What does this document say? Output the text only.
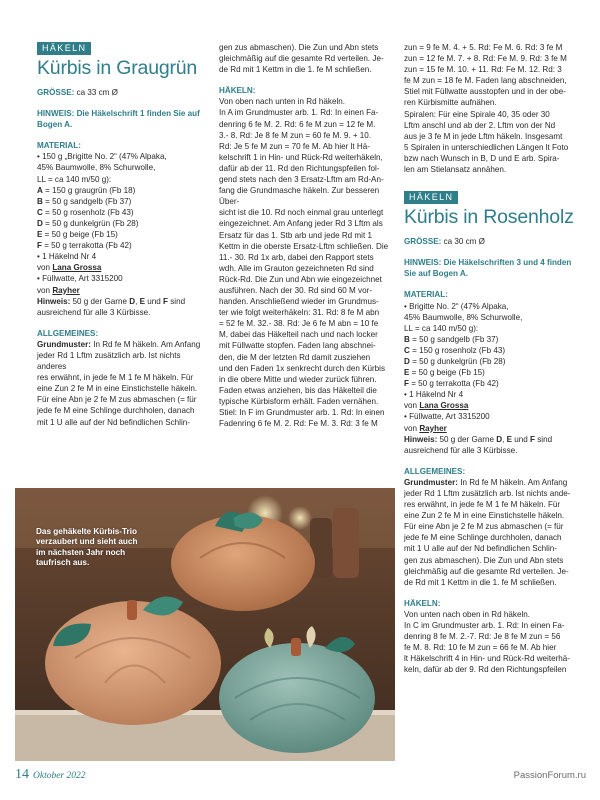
HÄKELN
Kürbis in Graugrün

GRÖSSE: ca 33 cm Ø

HINWEIS: Die Häkelschrift 1 finden Sie auf Bogen A.

MATERIAL:

• 150 g „Brigitte No. 2“ (47% Alpaka,

45% Baumwolle, 8% Schurwolle,

LL = ca 140 m/50 g):

A = 150 g graugrün (Fb 18)

B = 50 g sandgelb (Fb 37)

C = 50 g rosenholz (Fb 43)

D = 50 g dunkelgrün (Fb 28)

E = 50 g beige (Fb 15)

F = 50 g terrakotta (Fb 42)

• 1 Häkelnd Nr 4

von Lana Grossa

• Füllwatte, Art 3315200

von Rayher

Hinweis: 50 g der Garne D, E und F sind

ausreichend für alle 3 Kürbisse.

ALLGEMEINES:

Grundmuster: In Rd fe M häkeln. Am Anfang

jeder Rd 1 Lftm zusätzlich arb. Ist nichts anderes

res erwähnt, in jede fe M 1 fe M häkeln. Für

eine Zun 2 fe M in eine Einstichstelle häkeln.

Für eine Abn je 2 fe M zus abmaschen (= für

jede fe M eine Schlinge durchholen, danach

mit 1 U alle auf der Nd befindlichen Schlin-

gen zus abmaschen). Die Zun und Abn stets

gleichmäßig auf die gesamte Rd verteilen. Je-

de Rd mit 1 Kettm in die 1. fe M schließen.

HÄKELN:

Von oben nach unten in Rd häkeln.

In A im Grundmuster arb. 1. Rd: In einen Fa-

denring 6 fe M. 2. Rd: 6 fe M zun = 12 fe M.

3.- 8. Rd: Je 8 fe M zun = 60 fe M. 9. + 10.

Rd: Je 5 fe M zun = 70 fe M. Ab hier lt Hä-

kelschrift 1 in Hin- und Rück-Rd weiterhäkeln,

dafür ab der 11. Rd den Richtungspfeilen fol-

gend stets nach den 3 Ersatz-Lftm am Rd-An-

fang die Grundmasche häkeln. Zur besseren Über-

sicht ist die 10. Rd noch einmal grau unterlegt

eingezeichnet. Am Anfang jeder Rd 3 Lftm als

Ersatz für das 1. Stb arb und jede Rd mit 1

Kettm in die oberste Ersatz-Lftm schließen. Die

11.- 30. Rd 1x arb, dabei den Rapport stets

wdh. Alle im Grauton gezeichneten Rd sind

Rück-Rd. Die Zun und Abn wie eingezeichnet

ausführen. Nach der 30. Rd sind 60 M vor-

handen. Anschließend wieder im Grundmus-

ter wie folgt weiterhäkeln: 31. Rd: 8 fe M abn

= 52 fe M. 32.- 38. Rd: Je 6 fe M abn = 10 fe

M, dabei das Häkelteil nach und nach locker

mit Füllwatte stopfen. Faden lang abschnei-

den, die M der letzten Rd damit zusziehen

und den Faden 1x senkrecht durch den Kürbis

in die obere Mitte und wieder zurück führen.

Faden etwas anziehen, bis das Häkelteil die

typische Kürbisform erhält. Faden vernähen.

Stiel: In F im Grundmuster arb. 1. Rd: In einen

Fadenring 6 fe M. 2. Rd: Fe M. 3. Rd: 3 fe M

zun = 9 fe M. 4. + 5. Rd: Fe M. 6. Rd: 3 fe M

zun = 12 fe M. 7. + 8. Rd: Fe M. 9. Rd: 3 fe M

zun = 15 fe M. 10. + 11. Rd: Fe M. 12. Rd: 3

fe M zun = 18 fe M. Faden lang abschneiden,

Stiel mit Füllwatte ausstopfen und in der obe-

ren Kürbismitte aufnähen.

Spiralen: Für eine Spirale 40, 35 oder 30

Lftm anschl und ab der 2. Lftm von der Nd

aus je 3 fe M in jede Lftm häkeln. Insgesamt

5 Spiralen in unterschiedlichen Längen lt Foto

bzw nach Wunsch in B, D und E arb. Spira-

len am Stielansatz annähen.

HÄKELN
Kürbis in Rosenholz

GRÖSSE: ca 30 cm Ø

HINWEIS: Die Häkelschriften 3 und 4 finden

Sie auf Bogen A.

MATERIAL:

• Brigitte No. 2“ (47% Alpaka,

45% Baumwolle, 8% Schurwolle,

LL = ca 140 m/50 g):

B = 50 g sandgelb (Fb 37)

C = 150 g rosenholz (Fb 43)

D = 50 g dunkelgrün (Fb 28)

E = 50 g beige (Fb 15)

F = 50 g terrakotta (Fb 42)

• 1 Häkelnd Nr 4

von Lana Grossa

• Füllwatte, Art 3315200

von Rayher

Hinweis: 50 g der Garne D, E und F sind

ausreichend für alle 3 Kürbisse.

ALLGEMEINES:

Grundmuster: In Rd fe M häkeln. Am Anfang

jeder Rd 1 Lftm zusätzlich arb. Ist nichts ande-

res erwähnt, in jede fe M 1 fe M häkeln. Für

eine Zun 2 fe M in eine Einstichstelle häkeln.

Für eine Abn je 2 fe M zus abmaschen (= für

jede fe M eine Schlinge durchholen, danach

mit 1 U alle auf der Nd befindlichen Schlin-

gen zus abmaschen). Die Zun und Abn stets

gleichmäßig auf die gesamte Rd verteilen. Je-

de Rd mit 1 Kettm in die 1. fe M schließen.

HÄKELN:

Von unten nach oben in Rd häkeln.

In C im Grundmuster arb. 1. Rd: In einen Fa-

denring 8 fe M. 2.-7. Rd: Je 8 fe M zun = 56

fe M. 8. Rd: 10 fe M zun = 66 fe M. Ab hier

lt Häkelschrift 4 in Hin- und Rück-Rd weiterhä-

keln, dafür ab der 9. Rd den Richtungspfeilen

Das gehäkelte Kürbis-Trio verzaubert und sieht auch im nächsten Jahr noch taufrisch aus.
14 Oktober 2022	PassionForum.ru
